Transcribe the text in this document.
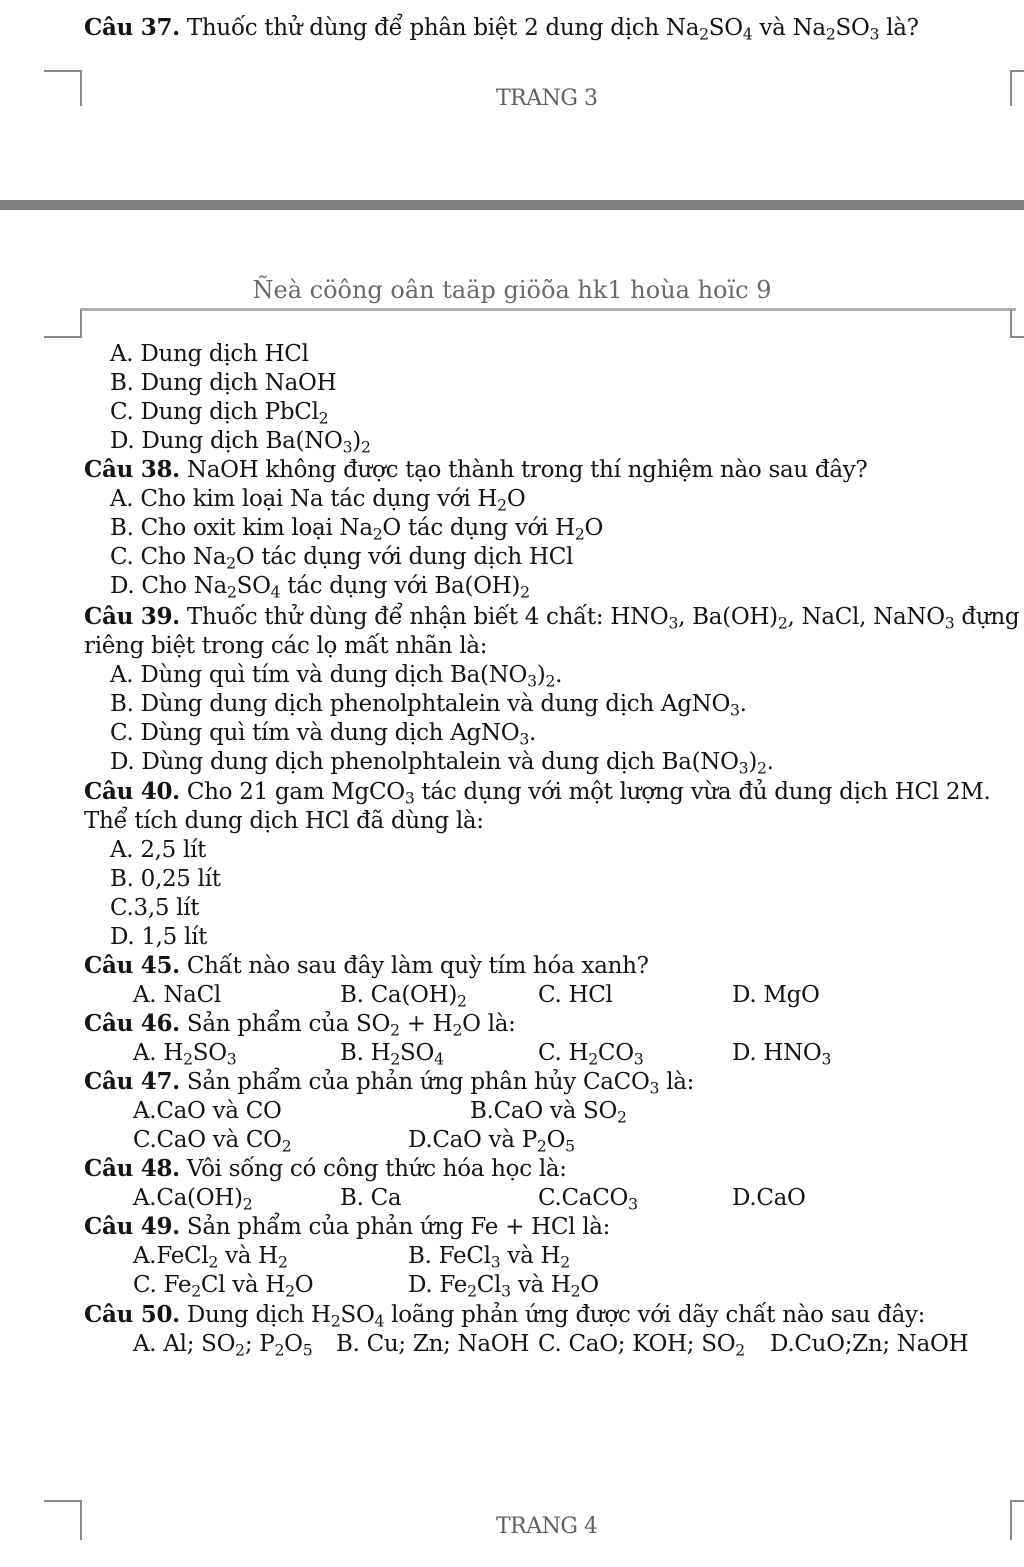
Câu 37. Thuốc thử dùng để phân biệt 2 dung dịch $Na_2SO_4$ và $Na_2SO_3$ là?
TRANG 3
Ñeà cöông oân taäp giöõa hk1 hoùa hoïc 9
A. Dung dịch HCl
B. Dung dịch NaOH
C. Dung dịch PbCl$_2$
D. Dung dịch $Ba(NO_3)_2$
Câu 38. NaOH không được tạo thành trong thí nghiệm nào sau đây?
A. Cho kim loại Na tác dụng với $H_2O$
B. Cho oxit kim loại $Na_2O$ tác dụng với $H_2O$
C. Cho $Na_2O$ tác dụng với dung dịch HCl
D. Cho $Na_2SO_4$ tác dụng với $Ba(OH)_2$
Câu 39. Thuốc thử dùng để nhận biết 4 chất: $HNO_3$, $Ba(OH)_2$, NaCl, NaNO$_3$ đựng
riêng biệt trong các lọ mất nhãn là:
A. Dùng quì tím và dung dịch $Ba(NO_3)_2$.
B. Dùng dung dịch phenolphtalein và dung dịch AgNO$_3$.
C. Dùng quì tím và dung dịch AgNO$_3$.
D. Dùng dung dịch phenolphtalein và dung dịch $Ba(NO_3)_2$.
Câu 40. Cho 21 gam MgCO$_3$ tác dụng với một lượng vừa đủ dung dịch HCl 2M.
Thể tích dung dịch HCl đã dùng là:
A. 2,5 lít
B. 0,25 lít
C.3,5 lít
D. 1,5 lít
Câu 45. Chất nào sau đây làm quỳ tím hóa xanh?
A. NaCl	B. $Ca(OH)_2$	C. HCl	D. MgO
Câu 46. Sản phẩm của $SO_2 + H_2O$ là:
A. $H_2SO_3$	B. $H_2SO_4$	C. $H_2CO_3$	D. $HNO_3$
Câu 47. Sản phẩm của phản ứng phân hủy CaCO$_3$ là:
A.CaO và CO	B.CaO và $SO_2$
C.CaO và $CO_2$	D.CaO và $P_2O_5$
Câu 48. Vôi sống có công thức hóa học là:
$A.Ca(OH)_2$	B. Ca	C.CaCO$_3$	D.CaO
Câu 49. Sản phẩm của phản ứng Fe + HCl là:
A.FeCl$_2$ và $H_2$	B. FeCl$_3$ và $H_2$
C. $Fe_2Cl$ và $H_2O$	D. $Fe_2Cl_3$ và $H_2O$
Câu 50. Dung dịch $H_2SO_4$ loãng phản ứng được với dãy chất nào sau đây:
A. Al; $SO_2$; $P_2O_5$ B. Cu; Zn; NaOH C. CaO; KOH; $SO_2$ D.CuO;Zn; NaOH
TRANG 4
